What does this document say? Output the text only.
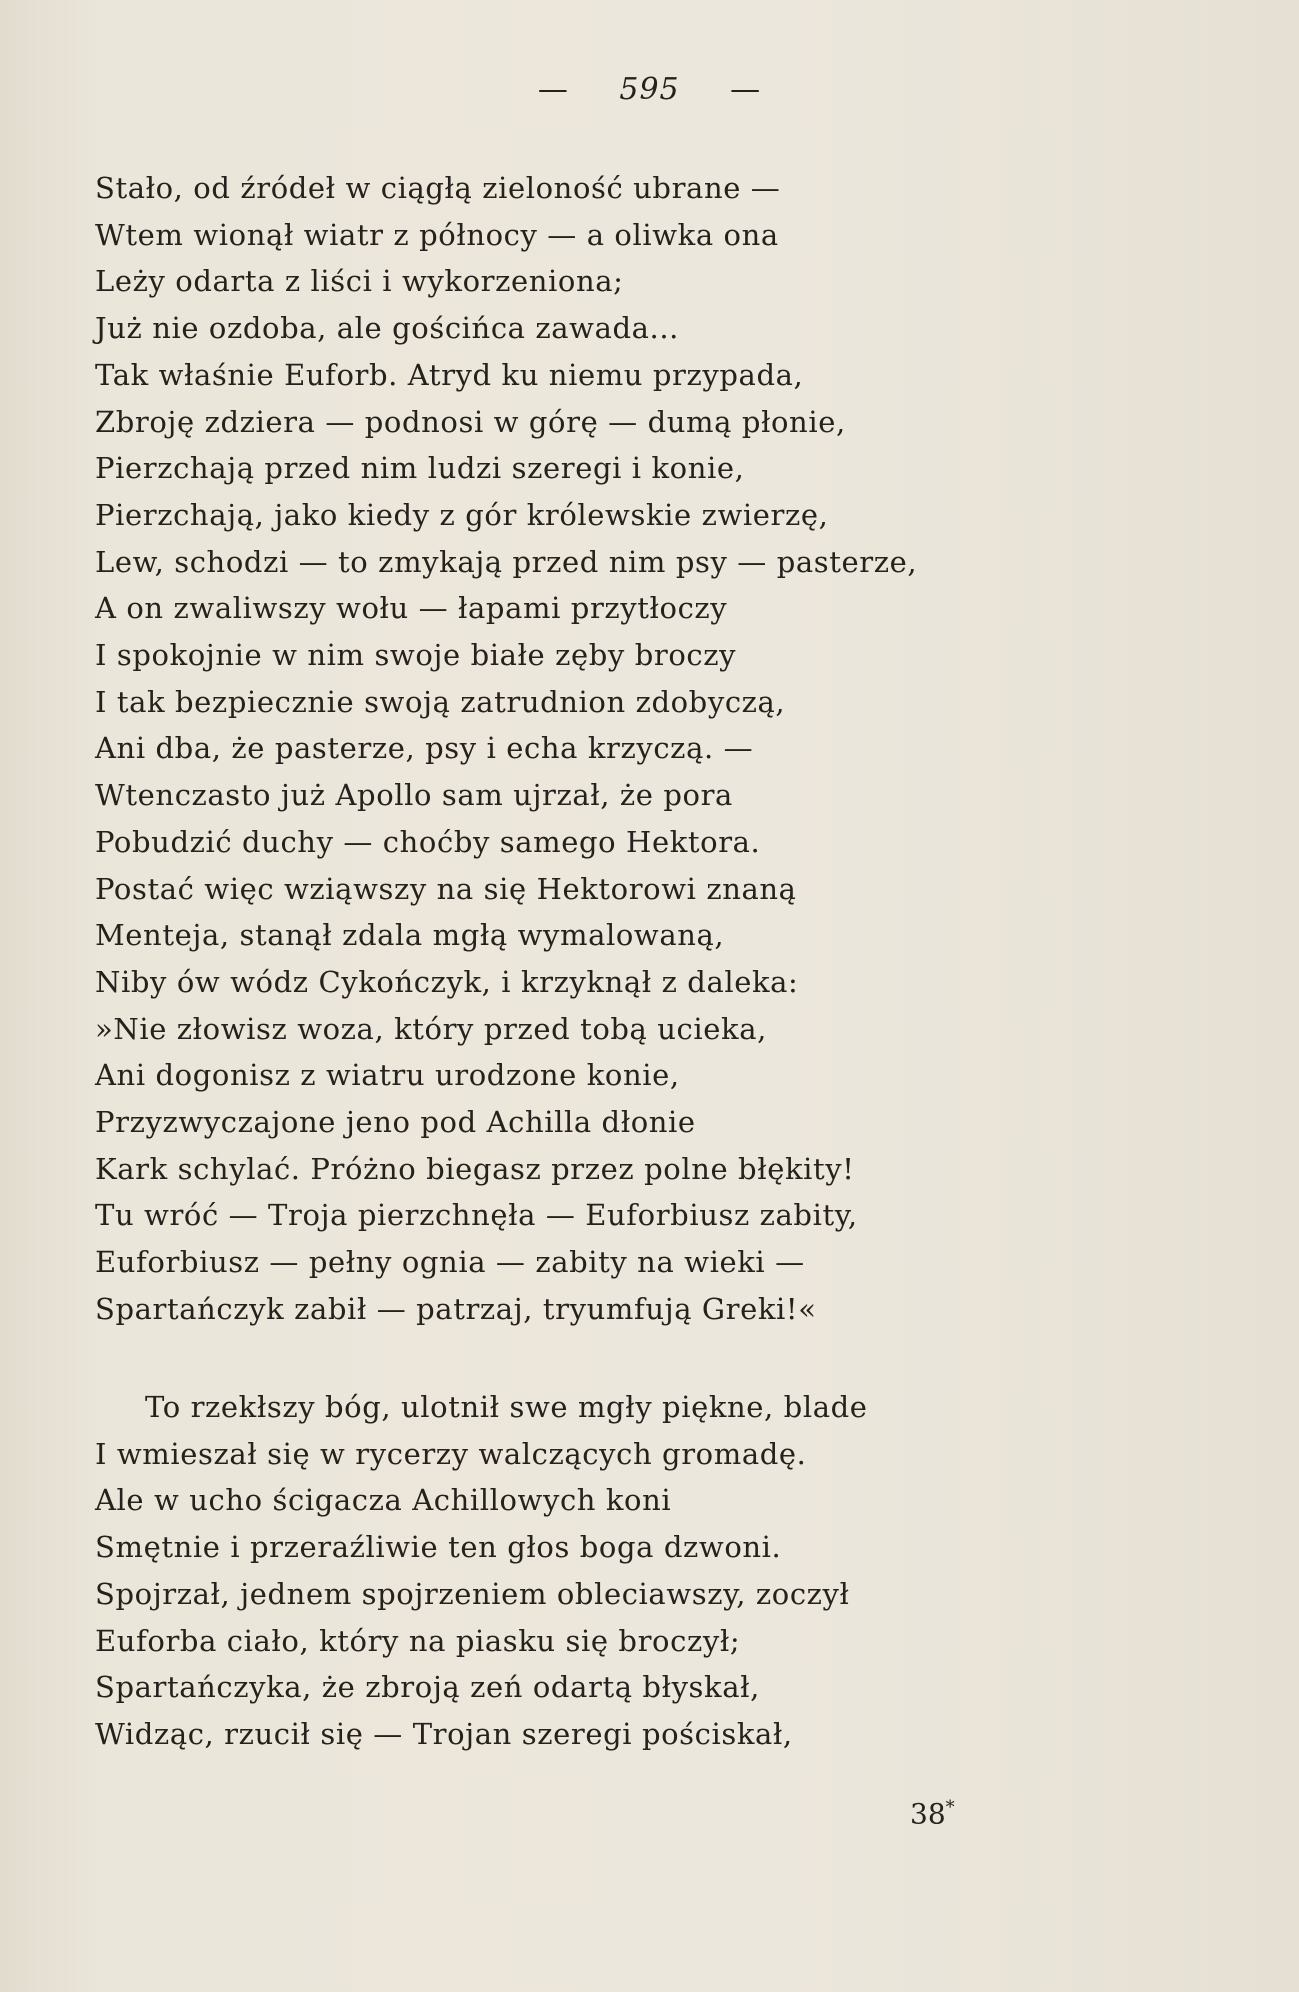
— 595 —
Stało, od źródeł w ciągłą zieloność ubrane —
Wtem wionął wiatr z północy — a oliwka ona
Leży odarta z liści i wykorzeniona;
Już nie ozdoba, ale gościńca zawada...
Tak właśnie Euforb. Atryd ku niemu przypada,
Zbroję zdziera — podnosi w górę — dumą płonie,
Pierzchają przed nim ludzi szeregi i konie,
Pierzchają, jako kiedy z gór królewskie zwierzę,
Lew, schodzi — to zmykają przed nim psy — pasterze,
A on zwaliwszy wołu — łapami przytłoczy
I spokojnie w nim swoje białe zęby broczy
I tak bezpiecznie swoją zatrudnion zdobyczą,
Ani dba, że pasterze, psy i echa krzyczą. —
Wtenczasto już Apollo sam ujrzał, że pora
Pobudzić duchy — choćby samego Hektora.
Postać więc wziąwszy na się Hektorowi znaną
Menteja, stanął zdala mgłą wymalowaną,
Niby ów wódz Cykończyk, i krzyknął z daleka:
»Nie złowisz woza, który przed tobą ucieka,
Ani dogonisz z wiatru urodzone konie,
Przyzwyczajone jeno pod Achilla dłonie
Kark schylać. Próżno biegasz przez polne błękity!
Tu wróć — Troja pierzchnęła — Euforbiusz zabity,
Euforbiusz — pełny ognia — zabity na wieki —
Spartańczyk zabił — patrzaj, tryumfują Greki!«
To rzekłszy bóg, ulotnił swe mgły piękne, blade
I wmieszał się w rycerzy walczących gromadę.
Ale w ucho ścigacza Achillowych koni
Smętnie i przeraźliwie ten głos boga dzwoni.
Spojrzał, jednem spojrzeniem obleciawszy, zoczył
Euforba ciało, który na piasku się broczył;
Spartańczyka, że zbroją zeń odartą błyskał,
Widząc, rzucił się — Trojan szeregi pościskał,
38*
